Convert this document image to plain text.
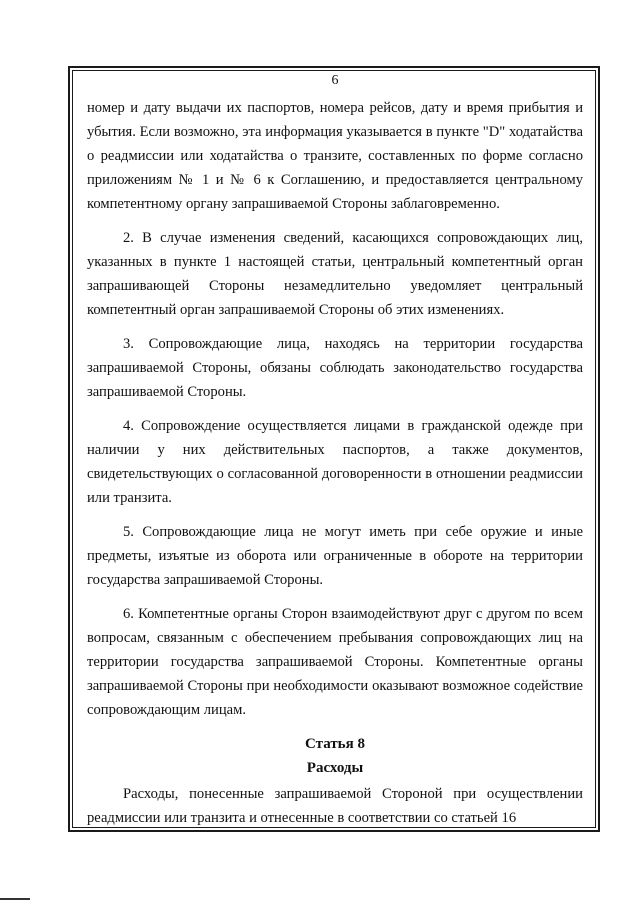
6

номер и дату выдачи их паспортов, номера рейсов, дату и время прибытия и убытия. Если возможно, эта информация указывается в пункте "D" ходатайства о реадмиссии или ходатайства о транзите, составленных по форме согласно приложениям № 1 и № 6 к Соглашению, и предоставляется центральному компетентному органу запрашиваемой Стороны заблаговременно.

2. В случае изменения сведений, касающихся сопровождающих лиц, указанных в пункте 1 настоящей статьи, центральный компетентный орган запрашивающей Стороны незамедлительно уведомляет центральный компетентный орган запрашиваемой Стороны об этих изменениях.

3. Сопровождающие лица, находясь на территории государства запрашиваемой Стороны, обязаны соблюдать законодательство государства запрашиваемой Стороны.

4. Сопровождение осуществляется лицами в гражданской одежде при наличии у них действительных паспортов, а также документов, свидетельствующих о согласованной договоренности в отношении реадмиссии или транзита.

5. Сопровождающие лица не могут иметь при себе оружие и иные предметы, изъятые из оборота или ограниченные в обороте на территории государства запрашиваемой Стороны.

6. Компетентные органы Сторон взаимодействуют друг с другом по всем вопросам, связанным с обеспечением пребывания сопровождающих лиц на территории государства запрашиваемой Стороны. Компетентные органы запрашиваемой Стороны при необходимости оказывают возможное содействие сопровождающим лицам.

Статья 8
Расходы

Расходы, понесенные запрашиваемой Стороной при осуществлении реадмиссии или транзита и отнесенные в соответствии со статьей 16
